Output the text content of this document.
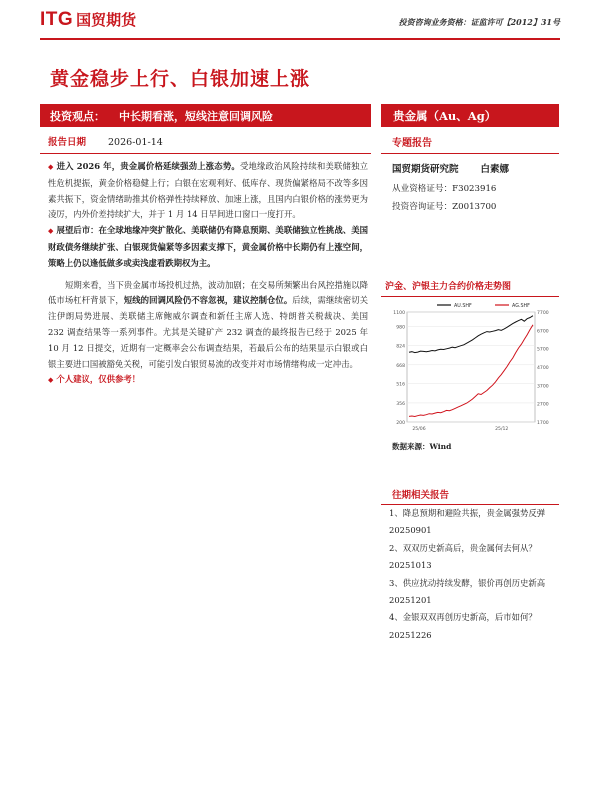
ITG 国贸期货	投资咨询业务资格：证监许可【2012】31号
黄金稳步上行、白银加速上涨
投资观点： 中长期看涨，短线注意回调风险	贵金属（Au、Ag）
报告日期 2026-01-14	专题报告

◆ 进入 2026 年，贵金属价格延续强劲上涨态势。受地缘政治风险持续和美联储独立性危机提振，黄金价格稳健上行；白银在宏观利好、低库存、现货偏紧格局不改等多因素共振下，资金情绪助推其价格弹性持续释放、加速上涨，且国内白银价格的涨势更为凌厉，内外价差持续扩大，并于 1 月 14 日早间进口窗口一度打开。

◆ 展望后市：在全球地缘冲突扩散化、美联储仍有降息预期、美联储独立性挑战、美国财政债务继续扩张、白银现货偏紧等多因素支撑下，黄金属价格中长期仍有上涨空间，策略上仍以逢低做多或卖浅虚看跌期权为主。

短期来看，当下贵金属市场投机过热，波动加剧；在交易所频繁出台风控措施以降低市场杠杆背景下，短线的回调风险仍不容忽视，建议控制仓位。后续，需继续密切关注伊朗局势进展、美联储主席鲍威尔调查和新任主席人选、特朗普关税裁决、美国 232 调查结果等一系列事件。尤其是关键矿产 232 调查的最终报告已经于 2025 年 10 月 12 日提交，近期有一定概率会公布调查结果，若最后公布的结果显示白银或白银主要进口国被豁免关税，可能引发白银贸易流的改变并对市场情绪构成一定冲击。

◆ 个人建议，仅供参考！

国贸期货研究院 白素娜
从业资格证号：F3023916
投资咨询证号：Z0013700
沪金、沪银主力合约价格走势图
200
356
516
668
824
980
1100
1700
2700
3700
4700
5700
6700
7700
25/06	25/12
AU.SHF	AG.SHF
数据来源：Wind
往期相关报告
1、降息预期和避险共振，贵金属强势反弹 20250901
2、双双历史新高后，贵金属何去何从？20251013
3、供应扰动持续发酵，银价再创历史新高 20251201
4、金银双双再创历史新高，后市如何？20251226
